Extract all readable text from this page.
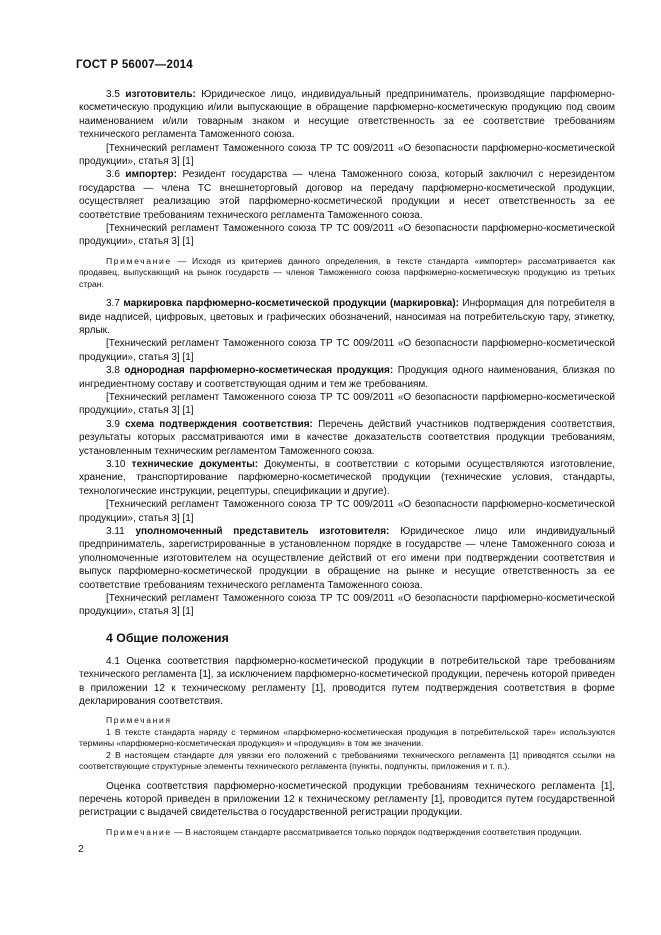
ГОСТ Р 56007—2014

3.5 изготовитель: Юридическое лицо, индивидуальный предприниматель, производящие парфюмерно-косметическую продукцию и/или выпускающие в обращение парфюмерно-косметическую продукцию под своим наименованием и/или товарным знаком и несущие ответственность за ее соответствие требованиям технического регламента Таможенного союза.

[Технический регламент Таможенного союза ТР ТС 009/2011 «О безопасности парфюмерно-косметической продукции», статья 3] [1]

3.6 импортер: Резидент государства — члена Таможенного союза, который заключил с нерезидентом государства — члена ТС внешнеторговый договор на передачу парфюмерно-косметической продукции, осуществляет реализацию этой парфюмерно-косметической продукции и несет ответственность за ее соответствие требованиям технического регламента Таможенного союза.

[Технический регламент Таможенного союза ТР ТС 009/2011 «О безопасности парфюмерно-косметической продукции», статья 3] [1]

Примечание — Исходя из критериев данного определения, в тексте стандарта «импортер» рассматривается как продавец, выпускающий на рынок государств — членов Таможенного союза парфюмерно-косметическую продукцию из третьих стран.

3.7 маркировка парфюмерно-косметической продукции (маркировка): Информация для потребителя в виде надписей, цифровых, цветовых и графических обозначений, наносимая на потребительскую тару, этикетку, ярлык.

[Технический регламент Таможенного союза ТР ТС 009/2011 «О безопасности парфюмерно-косметической продукции», статья 3] [1]

3.8 однородная парфюмерно-косметическая продукция: Продукция одного наименования, близкая по ингредиентному составу и соответствующая одним и тем же требованиям.

[Технический регламент Таможенного союза ТР ТС 009/2011 «О безопасности парфюмерно-косметической продукции», статья 3] [1]

3.9 схема подтверждения соответствия: Перечень действий участников подтверждения соответствия, результаты которых рассматриваются ими в качестве доказательств соответствия продукции требованиям, установленным техническим регламентом Таможенного союза.

3.10 технические документы: Документы, в соответствии с которыми осуществляются изготовление, хранение, транспортирование парфюмерно-косметической продукции (технические условия, стандарты, технологические инструкции, рецептуры, спецификации и другие).

[Технический регламент Таможенного союза ТР ТС 009/2011 «О безопасности парфюмерно-косметической продукции», статья 3] [1]

3.11 уполномоченный представитель изготовителя: Юридическое лицо или индивидуальный предприниматель, зарегистрированные в установленном порядке в государстве — члене Таможенного союза и уполномоченные изготовителем на осуществление действий от его имени при подтверждении соответствия и выпуск парфюмерно-косметической продукции в обращение на рынке и несущие ответственность за ее соответствие требованиям технического регламента Таможенного союза.

[Технический регламент Таможенного союза ТР ТС 009/2011 «О безопасности парфюмерно-косметической продукции», статья 3] [1]

4 Общие положения

4.1 Оценка соответствия парфюмерно-косметической продукции в потребительской таре требованиям технического регламента [1], за исключением парфюмерно-косметической продукции, перечень которой приведен в приложении 12 к техническому регламенту [1], проводится путем подтверждения соответствия в форме декларирования соответствия.

Примечания

1 В тексте стандарта наряду с термином «парфюмерно-косметическая продукция в потребительской таре» используются термины «парфюмерно-косметическая продукция» и «продукция» в том же значении.

2 В настоящем стандарте для увязки его положений с требованиями технического регламента [1] приводятся ссылки на соответствующие структурные элементы технического регламента (пункты, подпункты, приложения и т. п.).

Оценка соответствия парфюмерно-косметической продукции требованиям технического регламента [1], перечень которой приведен в приложении 12 к техническому регламенту [1], проводится путем государственной регистрации с выдачей свидетельства о государственной регистрации продукции.

Примечание — В настоящем стандарте рассматривается только порядок подтверждения соответствия продукции.

2
